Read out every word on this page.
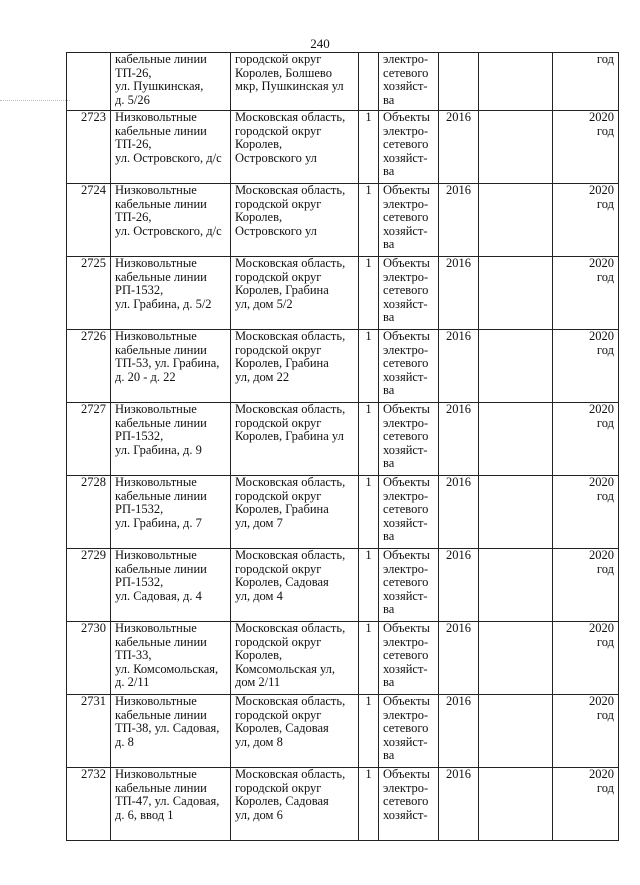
240

	кабельные линии
ТП-26,
ул. Пушкинская,
д. 5/26	городской округ
Королев, Болшево
мкр, Пушкинская ул		электро-
сетевого
хозяйст-
ва			год

2723	Низковольтные
кабельные линии
ТП-26,
ул. Островского, д/с	Московская область,
городской округ
Королев,
Островского ул	1	Объекты
электро-
сетевого
хозяйст-
ва	2016		2020
год

2724	Низковольтные
кабельные линии
ТП-26,
ул. Островского, д/с	Московская область,
городской округ
Королев,
Островского ул	1	Объекты
электро-
сетевого
хозяйст-
ва	2016		2020
год

2725	Низковольтные
кабельные линии
РП-1532,
ул. Грабина, д. 5/2	Московская область,
городской округ
Королев, Грабина
ул, дом 5/2	1	Объекты
электро-
сетевого
хозяйст-
ва	2016		2020
год

2726	Низковольтные
кабельные линии
ТП-53, ул. Грабина,
д. 20 - д. 22	Московская область,
городской округ
Королев, Грабина
ул, дом 22	1	Объекты
электро-
сетевого
хозяйст-
ва	2016		2020
год

2727	Низковольтные
кабельные линии
РП-1532,
ул. Грабина, д. 9	Московская область,
городской округ
Королев, Грабина ул	1	Объекты
электро-
сетевого
хозяйст-
ва	2016		2020
год

2728	Низковольтные
кабельные линии
РП-1532,
ул. Грабина, д. 7	Московская область,
городской округ
Королев, Грабина
ул, дом 7	1	Объекты
электро-
сетевого
хозяйст-
ва	2016		2020
год

2729	Низковольтные
кабельные линии
РП-1532,
ул. Садовая, д. 4	Московская область,
городской округ
Королев, Садовая
ул, дом 4	1	Объекты
электро-
сетевого
хозяйст-
ва	2016		2020
год

2730	Низковольтные
кабельные линии
ТП-33,
ул. Комсомольская,
д. 2/11	Московская область,
городской округ
Королев,
Комсомольская ул,
дом 2/11	1	Объекты
электро-
сетевого
хозяйст-
ва	2016		2020
год

2731	Низковольтные
кабельные линии
ТП-38, ул. Садовая,
д. 8	Московская область,
городской округ
Королев, Садовая
ул, дом 8	1	Объекты
электро-
сетевого
хозяйст-
ва	2016		2020
год

2732	Низковольтные
кабельные линии
ТП-47, ул. Садовая,
д. 6, ввод 1	Московская область,
городской округ
Королев, Садовая
ул, дом 6	1	Объекты
электро-
сетевого
хозяйст-	2016		2020
год
